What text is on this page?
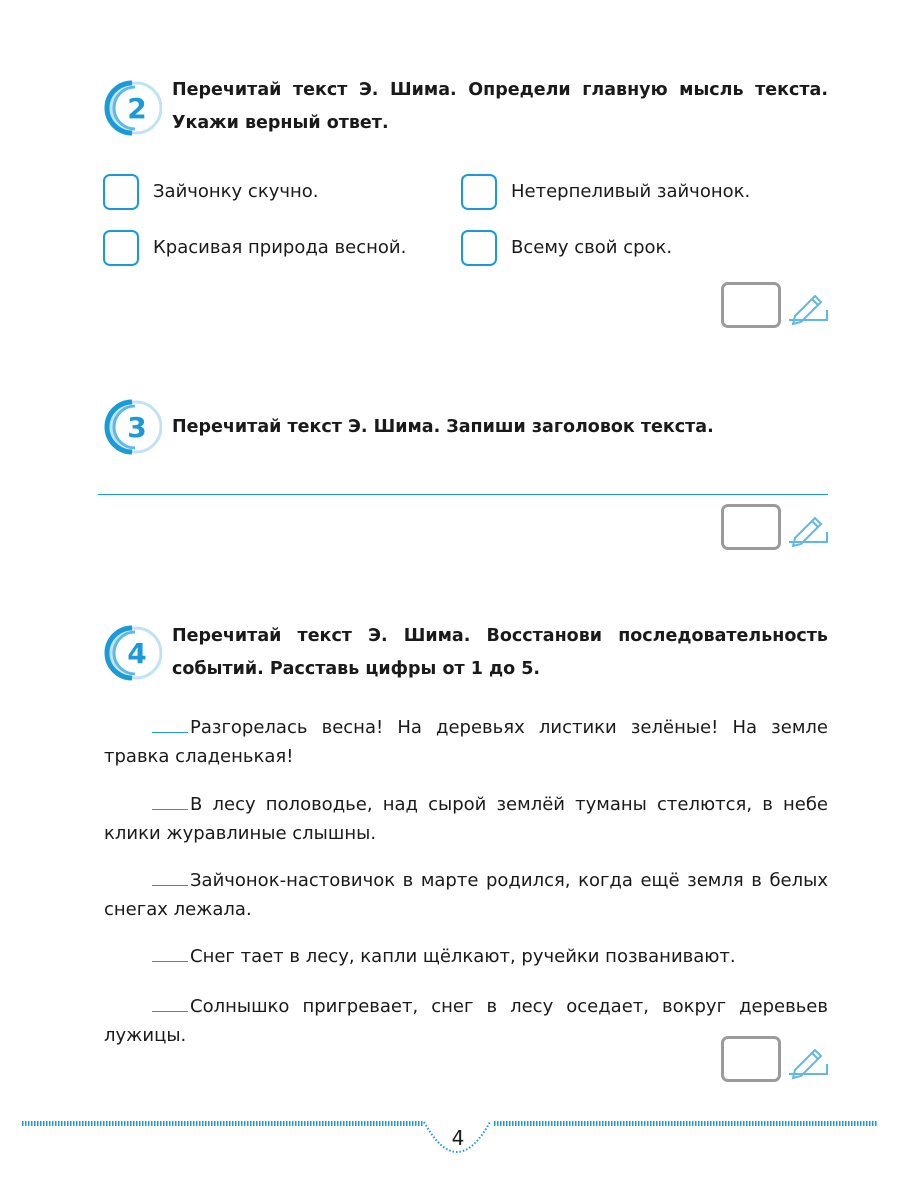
2
Перечитай текст Э. Шима. Определи главную мысль текста. Укажи верный ответ.
Зайчонку скучно.	Нетерпеливый зайчонок.
Красивая природа весной.	Всему свой срок.
3	Перечитай текст Э. Шима. Запиши заголовок текста.
4
Перечитай текст Э. Шима. Восстанови последовательность событий. Расставь цифры от 1 до 5.
Разгорелась весна! На деревьях листики зелёные! На земле травка сладенькая!
В лесу половодье, над сырой землёй туманы стелются, в небе клики журавлиные слышны.
Зайчонок-настовичок в марте родился, когда ещё земля в белых снегах лежала.
Снег тает в лесу, капли щёлкают, ручейки позванивают.
Солнышко пригревает, снег в лесу оседает, вокруг деревьев лужицы.
4
